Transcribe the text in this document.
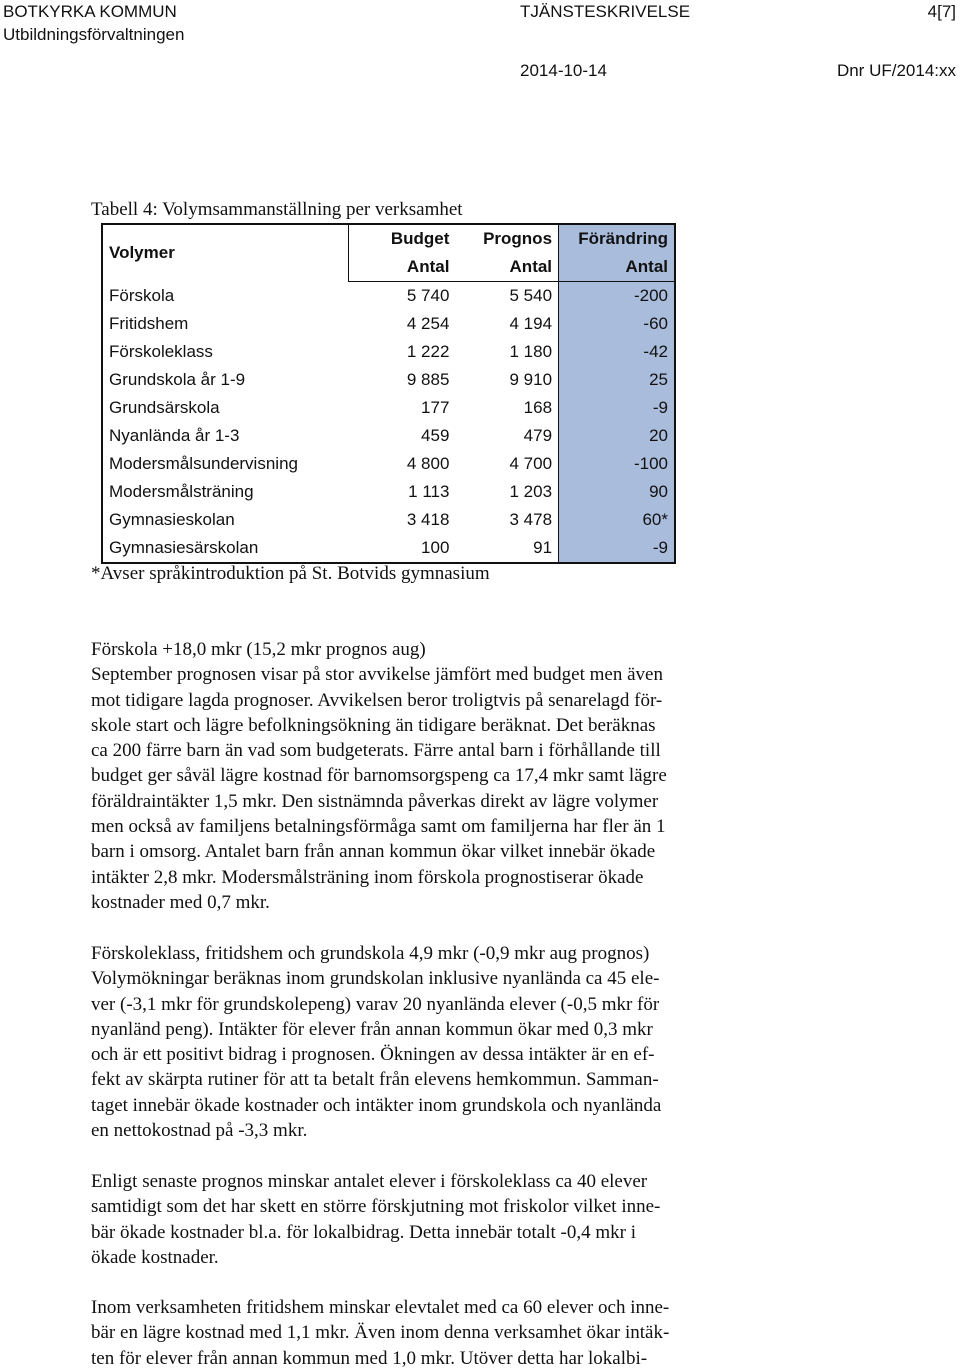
BOTKYRKA KOMMUN	TJÄNSTESKRIVELSE	4[7]
Utbildningsförvaltningen
2014-10-14	Dnr UF/2014:xx
Tabell 4: Volymsammanställning per verksamhet
Volymer	Budget	Prognos	Förändring
	Antal	Antal	Antal
Förskola	5 740	5 540	-200
Fritidshem	4 254	4 194	-60
Förskoleklass	1 222	1 180	-42
Grundskola år 1-9	9 885	9 910	25
Grundsärskola	177	168	-9
Nyanlända år 1-3	459	479	20
Modersmålsundervisning	4 800	4 700	-100
Modersmålsträning	1 113	1 203	90
Gymnasieskolan	3 418	3 478	60*
Gymnasiesärskolan	100	91	-9
*Avser språkintroduktion på St. Botvids gymnasium
Förskola +18,0 mkr (15,2 mkr prognos aug)
September prognosen visar på stor avvikelse jämfört med budget men även
mot tidigare lagda prognoser. Avvikelsen beror troligtvis på senarelagd för-
skole start och lägre befolkningsökning än tidigare beräknat. Det beräknas
ca 200 färre barn än vad som budgeterats. Färre antal barn i förhållande till
budget ger såväl lägre kostnad för barnomsorgspeng ca 17,4 mkr samt lägre
föräldraintäkter 1,5 mkr. Den sistnämnda påverkas direkt av lägre volymer
men också av familjens betalningsförmåga samt om familjerna har fler än 1
barn i omsorg. Antalet barn från annan kommun ökar vilket innebär ökade
intäkter 2,8 mkr. Modersmålsträning inom förskola prognostiserar ökade
kostnader med 0,7 mkr.
Förskoleklass, fritidshem och grundskola 4,9 mkr (-0,9 mkr aug prognos)
Volymökningar beräknas inom grundskolan inklusive nyanlända ca 45 ele-
ver (-3,1 mkr för grundskolepeng) varav 20 nyanlända elever (-0,5 mkr för
nyanländ peng). Intäkter för elever från annan kommun ökar med 0,3 mkr
och är ett positivt bidrag i prognosen. Ökningen av dessa intäkter är en ef-
fekt av skärpta rutiner för att ta betalt från elevens hemkommun. Samman-
taget innebär ökade kostnader och intäkter inom grundskola och nyanlända
en nettokostnad på -3,3 mkr.
Enligt senaste prognos minskar antalet elever i förskoleklass ca 40 elever
samtidigt som det har skett en större förskjutning mot friskolor vilket inne-
bär ökade kostnader bl.a. för lokalbidrag. Detta innebär totalt -0,4 mkr i
ökade kostnader.
Inom verksamheten fritidshem minskar elevtalet med ca 60 elever och inne-
bär en lägre kostnad med 1,1 mkr. Även inom denna verksamhet ökar intäk-
ten för elever från annan kommun med 1,0 mkr. Utöver detta har lokalbi-
